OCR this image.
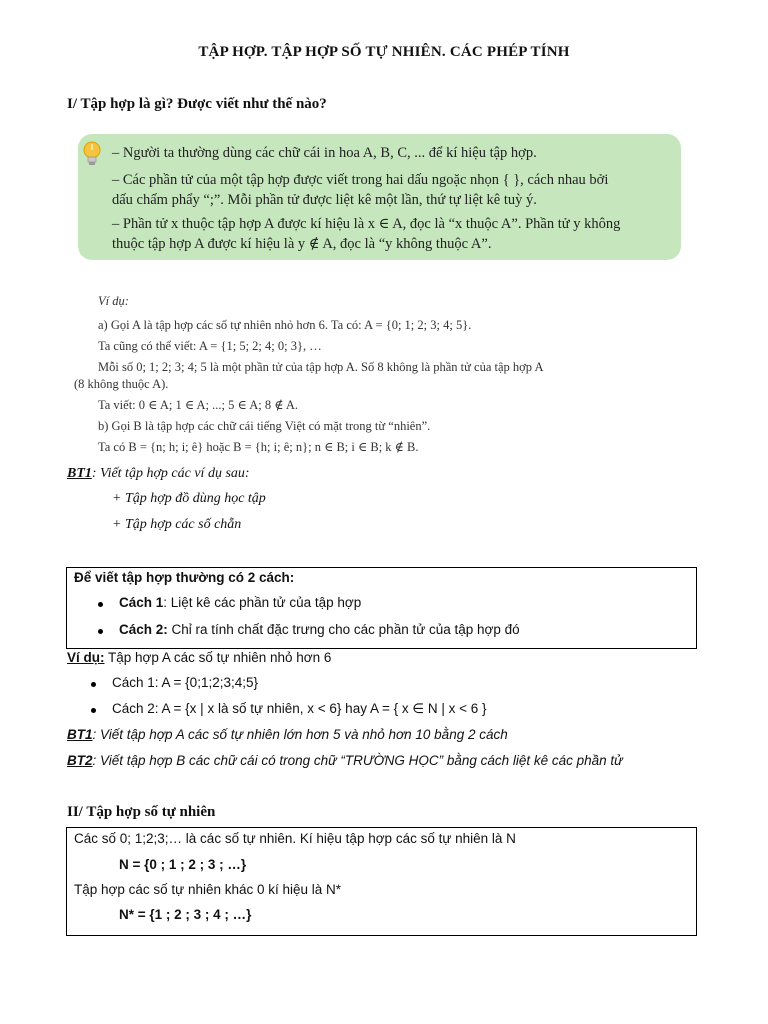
TẬP HỢP. TẬP HỢP SỐ TỰ NHIÊN. CÁC PHÉP TÍNH
I/ Tập hợp là gì? Được viết như thế nào?
– Người ta thường dùng các chữ cái in hoa A, B, C, ... để kí hiệu tập hợp.
– Các phần tử của một tập hợp được viết trong hai dấu ngoặc nhọn { }, cách nhau bởi
dấu chấm phẩy “;”. Mỗi phần tử được liệt kê một lần, thứ tự liệt kê tuỳ ý.
– Phần tử x thuộc tập hợp A được kí hiệu là x ∈ A, đọc là “x thuộc A”. Phần tử y không
thuộc tập hợp A được kí hiệu là y ∉ A, đọc là “y không thuộc A”.
Ví dụ:
a) Gọi A là tập hợp các số tự nhiên nhỏ hơn 6. Ta có: A = {0; 1; 2; 3; 4; 5}.
Ta cũng có thể viết: A = {1; 5; 2; 4; 0; 3}, …
Mỗi số 0; 1; 2; 3; 4; 5 là một phần tử của tập hợp A. Số 8 không là phần tử của tập hợp A
(8 không thuộc A).
Ta viết: 0 ∈ A; 1 ∈ A; ...; 5 ∈ A; 8 ∉ A.
b) Gọi B là tập hợp các chữ cái tiếng Việt có mặt trong từ “nhiên”.
Ta có B = {n; h; i; ê} hoặc B = {h; i; ê; n}; n ∈ B; i ∈ B; k ∉ B.
BT1: Viết tập hợp các ví dụ sau:
+ Tập hợp đồ dùng học tập
+ Tập hợp các số chẵn
Để viết tập hợp thường có 2 cách:
Cách 1: Liệt kê các phần tử của tập hợp
Cách 2: Chỉ ra tính chất đặc trưng cho các phần tử của tập hợp đó
Ví dụ: Tập hợp A các số tự nhiên nhỏ hơn 6
Cách 1: A = {0;1;2;3;4;5}
Cách 2: A = {x | x là số tự nhiên, x < 6} hay A = { x ∈ N | x < 6 }
BT1: Viết tập hợp A các số tự nhiên lớn hơn 5 và nhỏ hơn 10 bằng 2 cách
BT2: Viết tập hợp B các chữ cái có trong chữ “TRƯỜNG HỌC” bằng cách liệt kê các phần tử
II/ Tập hợp số tự nhiên
Các số 0; 1;2;3;… là các số tự nhiên. Kí hiệu tập hợp các số tự nhiên là N
N = {0 ; 1 ; 2 ; 3 ; …}
Tập hợp các số tự nhiên khác 0 kí hiệu là N*
N* = {1 ; 2 ; 3 ; 4 ; …}
